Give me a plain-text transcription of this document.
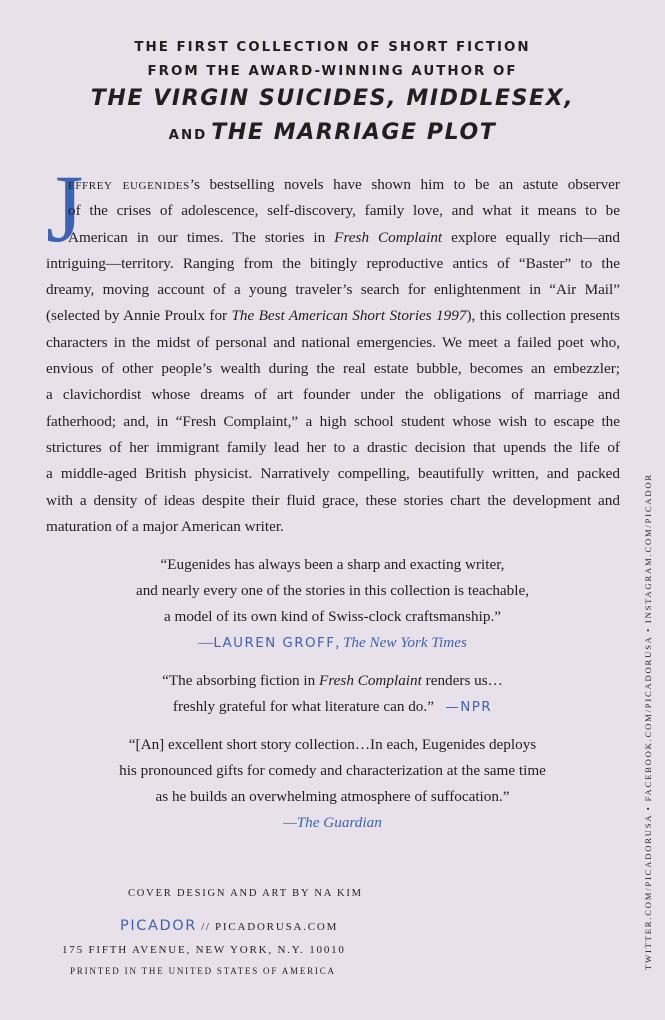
THE FIRST COLLECTION OF SHORT FICTION
FROM THE AWARD-WINNING AUTHOR OF
THE VIRGIN SUICIDES, MIDDLESEX,
AND THE MARRIAGE PLOT
J
effrey eugenides’s bestselling novels have shown him to be an astute observer
of the crises of adolescence, self-discovery, family love, and what it means to be
American in our times. The stories in Fresh Complaint explore equally rich—and
intriguing—territory. Ranging from the bitingly reproductive antics of “Baster” to the
dreamy, moving account of a young traveler’s search for enlightenment in “Air Mail”
(selected by Annie Proulx for The Best American Short Stories 1997), this collection presents
characters in the midst of personal and national emergencies. We meet a failed poet who,
envious of other people’s wealth during the real estate bubble, becomes an embezzler;
a clavichordist whose dreams of art founder under the obligations of marriage and
fatherhood; and, in “Fresh Complaint,” a high school student whose wish to escape the
strictures of her immigrant family lead her to a drastic decision that upends the life of
a middle-aged British physicist. Narratively compelling, beautifully written, and packed
with a density of ideas despite their fluid grace, these stories chart the development and
maturation of a major American writer.
“Eugenides has always been a sharp and exacting writer,
and nearly every one of the stories in this collection is teachable,
a model of its own kind of Swiss-clock craftsmanship.”
—LAUREN GROFF, The New York Times
“The absorbing fiction in Fresh Complaint renders us…
freshly grateful for what literature can do.” —NPR
“[An] excellent short story collection…In each, Eugenides deploys
his pronounced gifts for comedy and characterization at the same time
as he builds an overwhelming atmosphere of suffocation.”
—The Guardian
COVER DESIGN AND ART BY NA KIM
PICADOR // PICADORUSA.COM
175 FIFTH AVENUE, NEW YORK, N.Y. 10010
PRINTED IN THE UNITED STATES OF AMERICA
TWITTER.COM/PICADORUSA • FACEBOOK.COM/PICADORUSA • INSTAGRAM.COM/PICADOR
